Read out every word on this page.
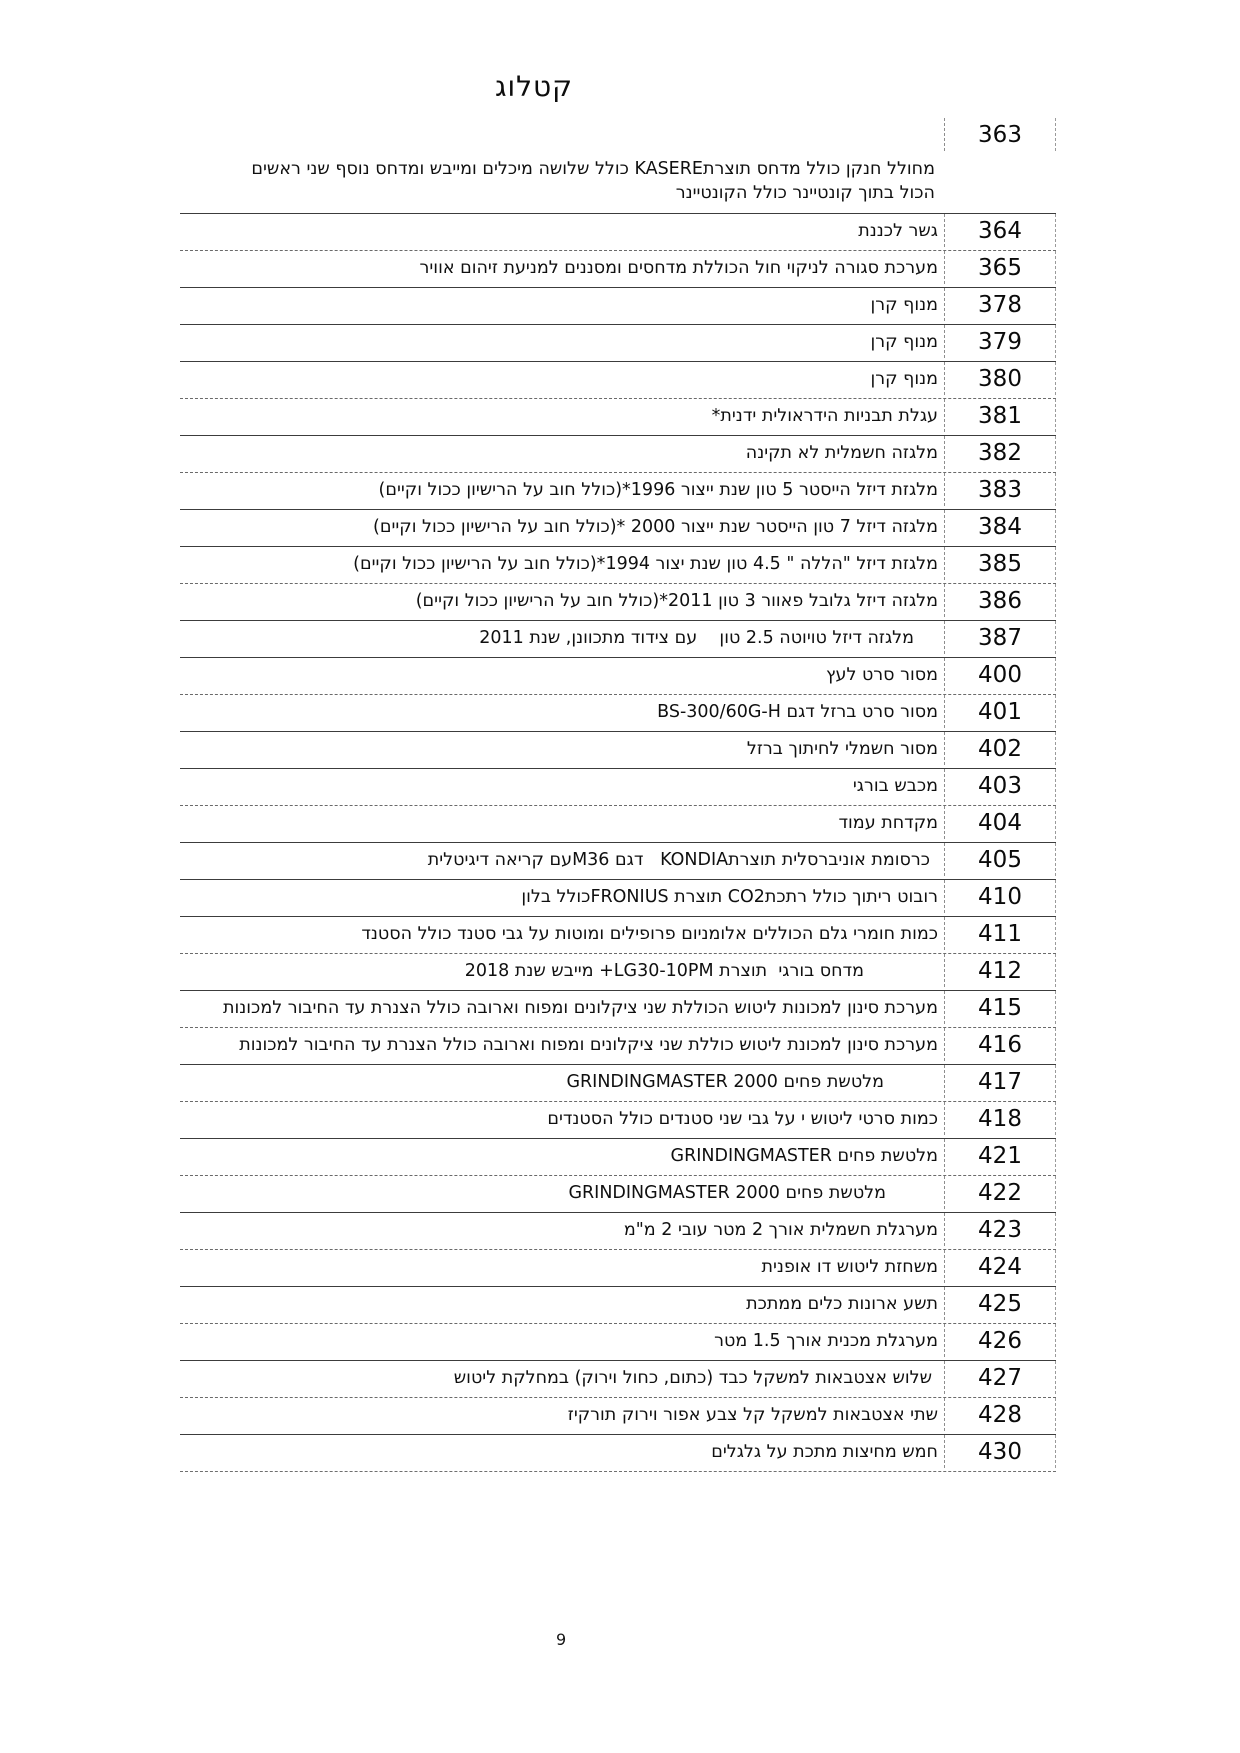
קטלוג
363
מחולל חנקן כולל מדחס תוצרתKASERE כולל שלושה מיכלים ומייבש ומדחס נוסף שני ראשים הכול בתוך קונטיינר כולל הקונטיינר
364
גשר לכננת
365
מערכת סגורה לניקוי חול הכוללת מדחסים ומסננים למניעת זיהום אוויר
378
מנוף קרן
379
מנוף קרן
380
מנוף קרן
381
עגלת תבניות הידראולית ידנית*
382
מלגזה חשמלית לא תקינה
383
מלגזת דיזל הייסטר 5 טון שנת ייצור 1996*(כולל חוב על הרישיון ככול וקיים)
384
מלגזה דיזל 7 טון הייסטר שנת ייצור 2000 *(כולל חוב על הרישיון ככול וקיים)
385
מלגזת דיזל "הללה " 4.5 טון שנת יצור 1994*(כולל חוב על הרישיון ככול וקיים)
386
מלגזה דיזל גלובל פאוור 3 טון 2011*(כולל חוב על הרישיון ככול וקיים)
387
מלגזה דיזל טויוטה 2.5 טון    עם צידוד מתכוונן, שנת 2011
400
מסור סרט לעץ
401
מסור סרט ברזל דגם BS-300/60G-H
402
מסור חשמלי לחיתוך ברזל
403
מכבש בורגי
404
מקדחת עמוד
405
כרסומת אוניברסלית תוצרתKONDIA   דגם M36עם קריאה דיגיטלית
410
רובוט ריתוך כולל רתכתCO2 תוצרת FRONIUSכולל בלון
411
כמות חומרי גלם הכוללים אלומניום פרופילים ומוטות על גבי סטנד כולל הסטנד
412
מדחס בורגי  תוצרת LG30-10PM+ מייבש שנת 2018
415
מערכת סינון למכונות ליטוש הכוללת שני ציקלונים ומפוח וארובה כולל הצנרת עד החיבור למכונות
416
מערכת סינון למכונת ליטוש כוללת שני ציקלונים ומפוח וארובה כולל הצנרת עד החיבור למכונות
417
מלטשת פחים GRINDINGMASTER 2000
418
כמות סרטי ליטוש י על גבי שני סטנדים כולל הסטנדים
421
מלטשת פחים GRINDINGMASTER
422
מלטשת פחים GRINDINGMASTER 2000
423
מערגלת חשמלית אורך 2 מטר עובי 2 מ"מ
424
משחזת ליטוש דו אופנית
425
תשע ארונות כלים ממתכת
426
מערגלת מכנית אורך 1.5 מטר
427
שלוש אצטבאות למשקל כבד (כתום, כחול וירוק) במחלקת ליטוש
428
שתי אצטבאות למשקל קל צבע אפור וירוק תורקיז
430
חמש מחיצות מתכת על גלגלים
9
